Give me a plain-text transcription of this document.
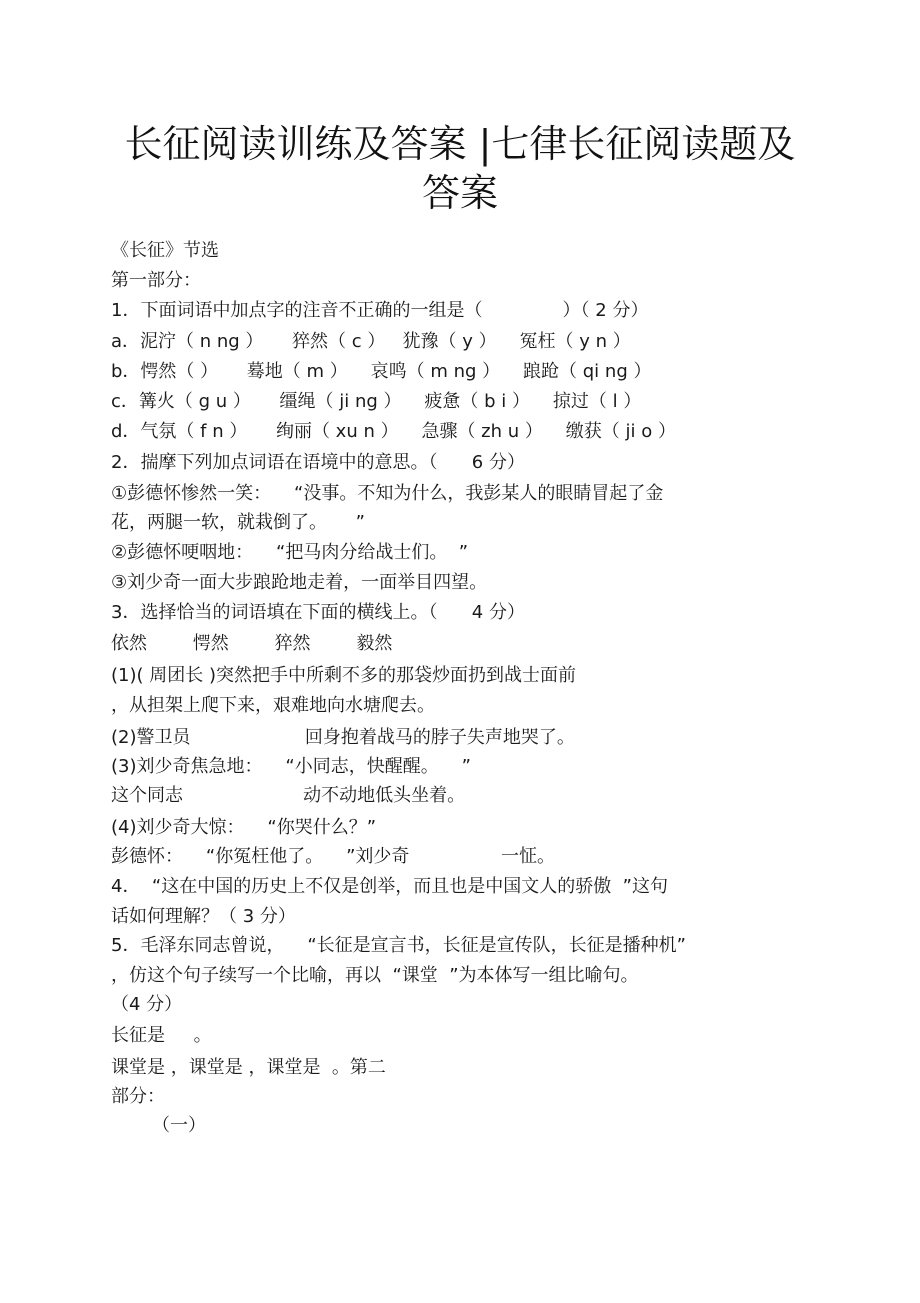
长征阅读训练及答案 |七律长征阅读题及
答案
《长征》节选
第一部分：
1．下面词语中加点字的注音不正确的一组是（              ）（ 2 分）
a．泥泞（ n ng ）     猝然（ c ）   犹豫（ y ）    冤枉（ y n ）
b．愕然（ ）     蓦地（ m ）    哀鸣（ m ng ）    踉跄（ qi ng ）
c．篝火（ g u ）     缰绳（ ji ng ）    疲惫（ b i ）    掠过（ l ）
d．气氛（ f n ）     绚丽（ xu n ）    急骤（ zh u ）    缴获（ ji o ）
2．揣摩下列加点词语在语境中的意思。（      6 分）
①彭德怀惨然一笑：    “没事。不知为什么，我彭某人的眼睛冒起了金
花，两腿一软，就栽倒了。     ”
②彭德怀哽咽地：    “把马肉分给战士们。  ”
③刘少奇一面大步踉跄地走着，一面举目四望。
3．选择恰当的词语填在下面的横线上。（      4 分）
依然        愕然        猝然        毅然
(1)( 周团长 )突然把手中所剩不多的那袋炒面扔到战士面前
，从担架上爬下来，艰难地向水塘爬去。
(2)警卫员                    回身抱着战马的脖子失声地哭了。
(3)刘少奇焦急地：    “小同志，快醒醒。    ”
这个同志                     动不动地低头坐着。
(4)刘少奇大惊：    “你哭什么？”
彭德怀：    “你冤枉他了。    ”刘少奇                一怔。
4．  “这在中国的历史上不仅是创举，而且也是中国文人的骄傲  ”这句
话如何理解？（ 3 分）
5．毛泽东同志曾说，    “长征是宣言书，长征是宣传队，长征是播种机”
，仿这个句子续写一个比喻，再以  “课堂  ”为本体写一组比喻句。
（4 分）
长征是     。
课堂是 ，课堂是 ，课堂是  。第二
部分：
（一）
